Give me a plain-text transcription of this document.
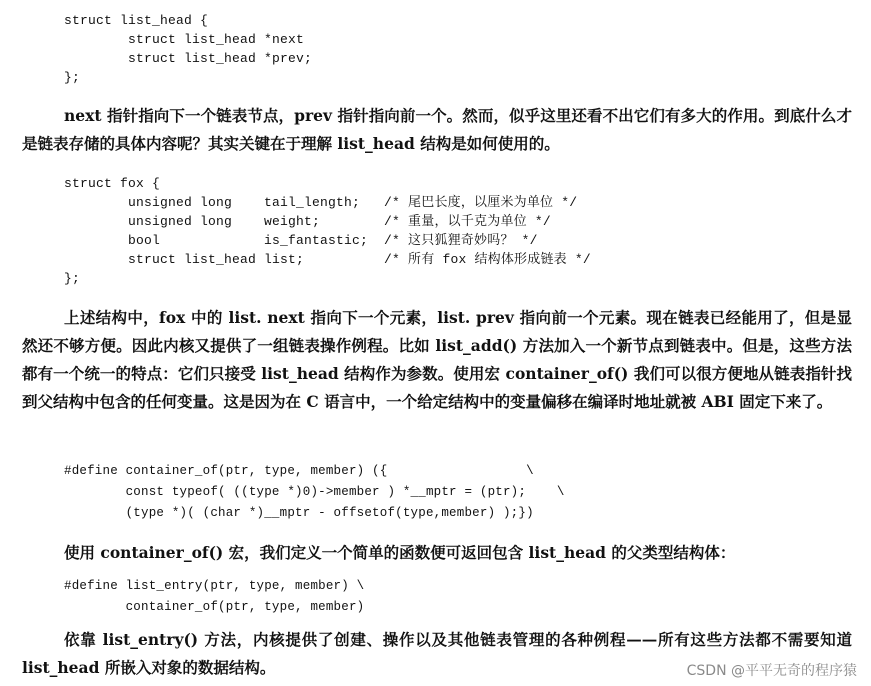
struct list_head {
struct list_head *next
struct list_head *prev;
};

next 指针指向下一个链表节点，prev 指针指向前一个。然而，似乎这里还看不出它们有多大的作用。到底什么才是链表存储的具体内容呢？其实关键在于理解 list_head 结构是如何使用的。

struct fox {
unsigned long    tail_length;   /* 尾巴长度，以厘米为单位 */
unsigned long    weight;        /* 重量，以千克为单位 */
bool             is_fantastic;  /* 这只狐狸奇妙吗？ */
struct list_head list;          /* 所有 fox 结构体形成链表 */
};

上述结构中，fox 中的 list. next 指向下一个元素，list. prev 指向前一个元素。现在链表已经能用了，但是显然还不够方便。因此内核又提供了一组链表操作例程。比如 list_add() 方法加入一个新节点到链表中。但是，这些方法都有一个统一的特点：它们只接受 list_head 结构作为参数。使用宏 container_of() 我们可以很方便地从链表指针找到父结构中包含的任何变量。这是因为在 C 语言中，一个给定结构中的变量偏移在编译时地址就被 ABI 固定下来了。

#define container_of(ptr, type, member) ({                  \
const typeof( ((type *)0)->member ) *__mptr = (ptr);    \
(type *)( (char *)__mptr - offsetof(type,member) );})

使用 container_of() 宏，我们定义一个简单的函数便可返回包含 list_head 的父类型结构体：

#define list_entry(ptr, type, member) \
container_of(ptr, type, member)

依靠 list_entry() 方法，内核提供了创建、操作以及其他链表管理的各种例程——所有这些方法都不需要知道 list_head 所嵌入对象的数据结构。	CSDN @平平无奇的程序猿
